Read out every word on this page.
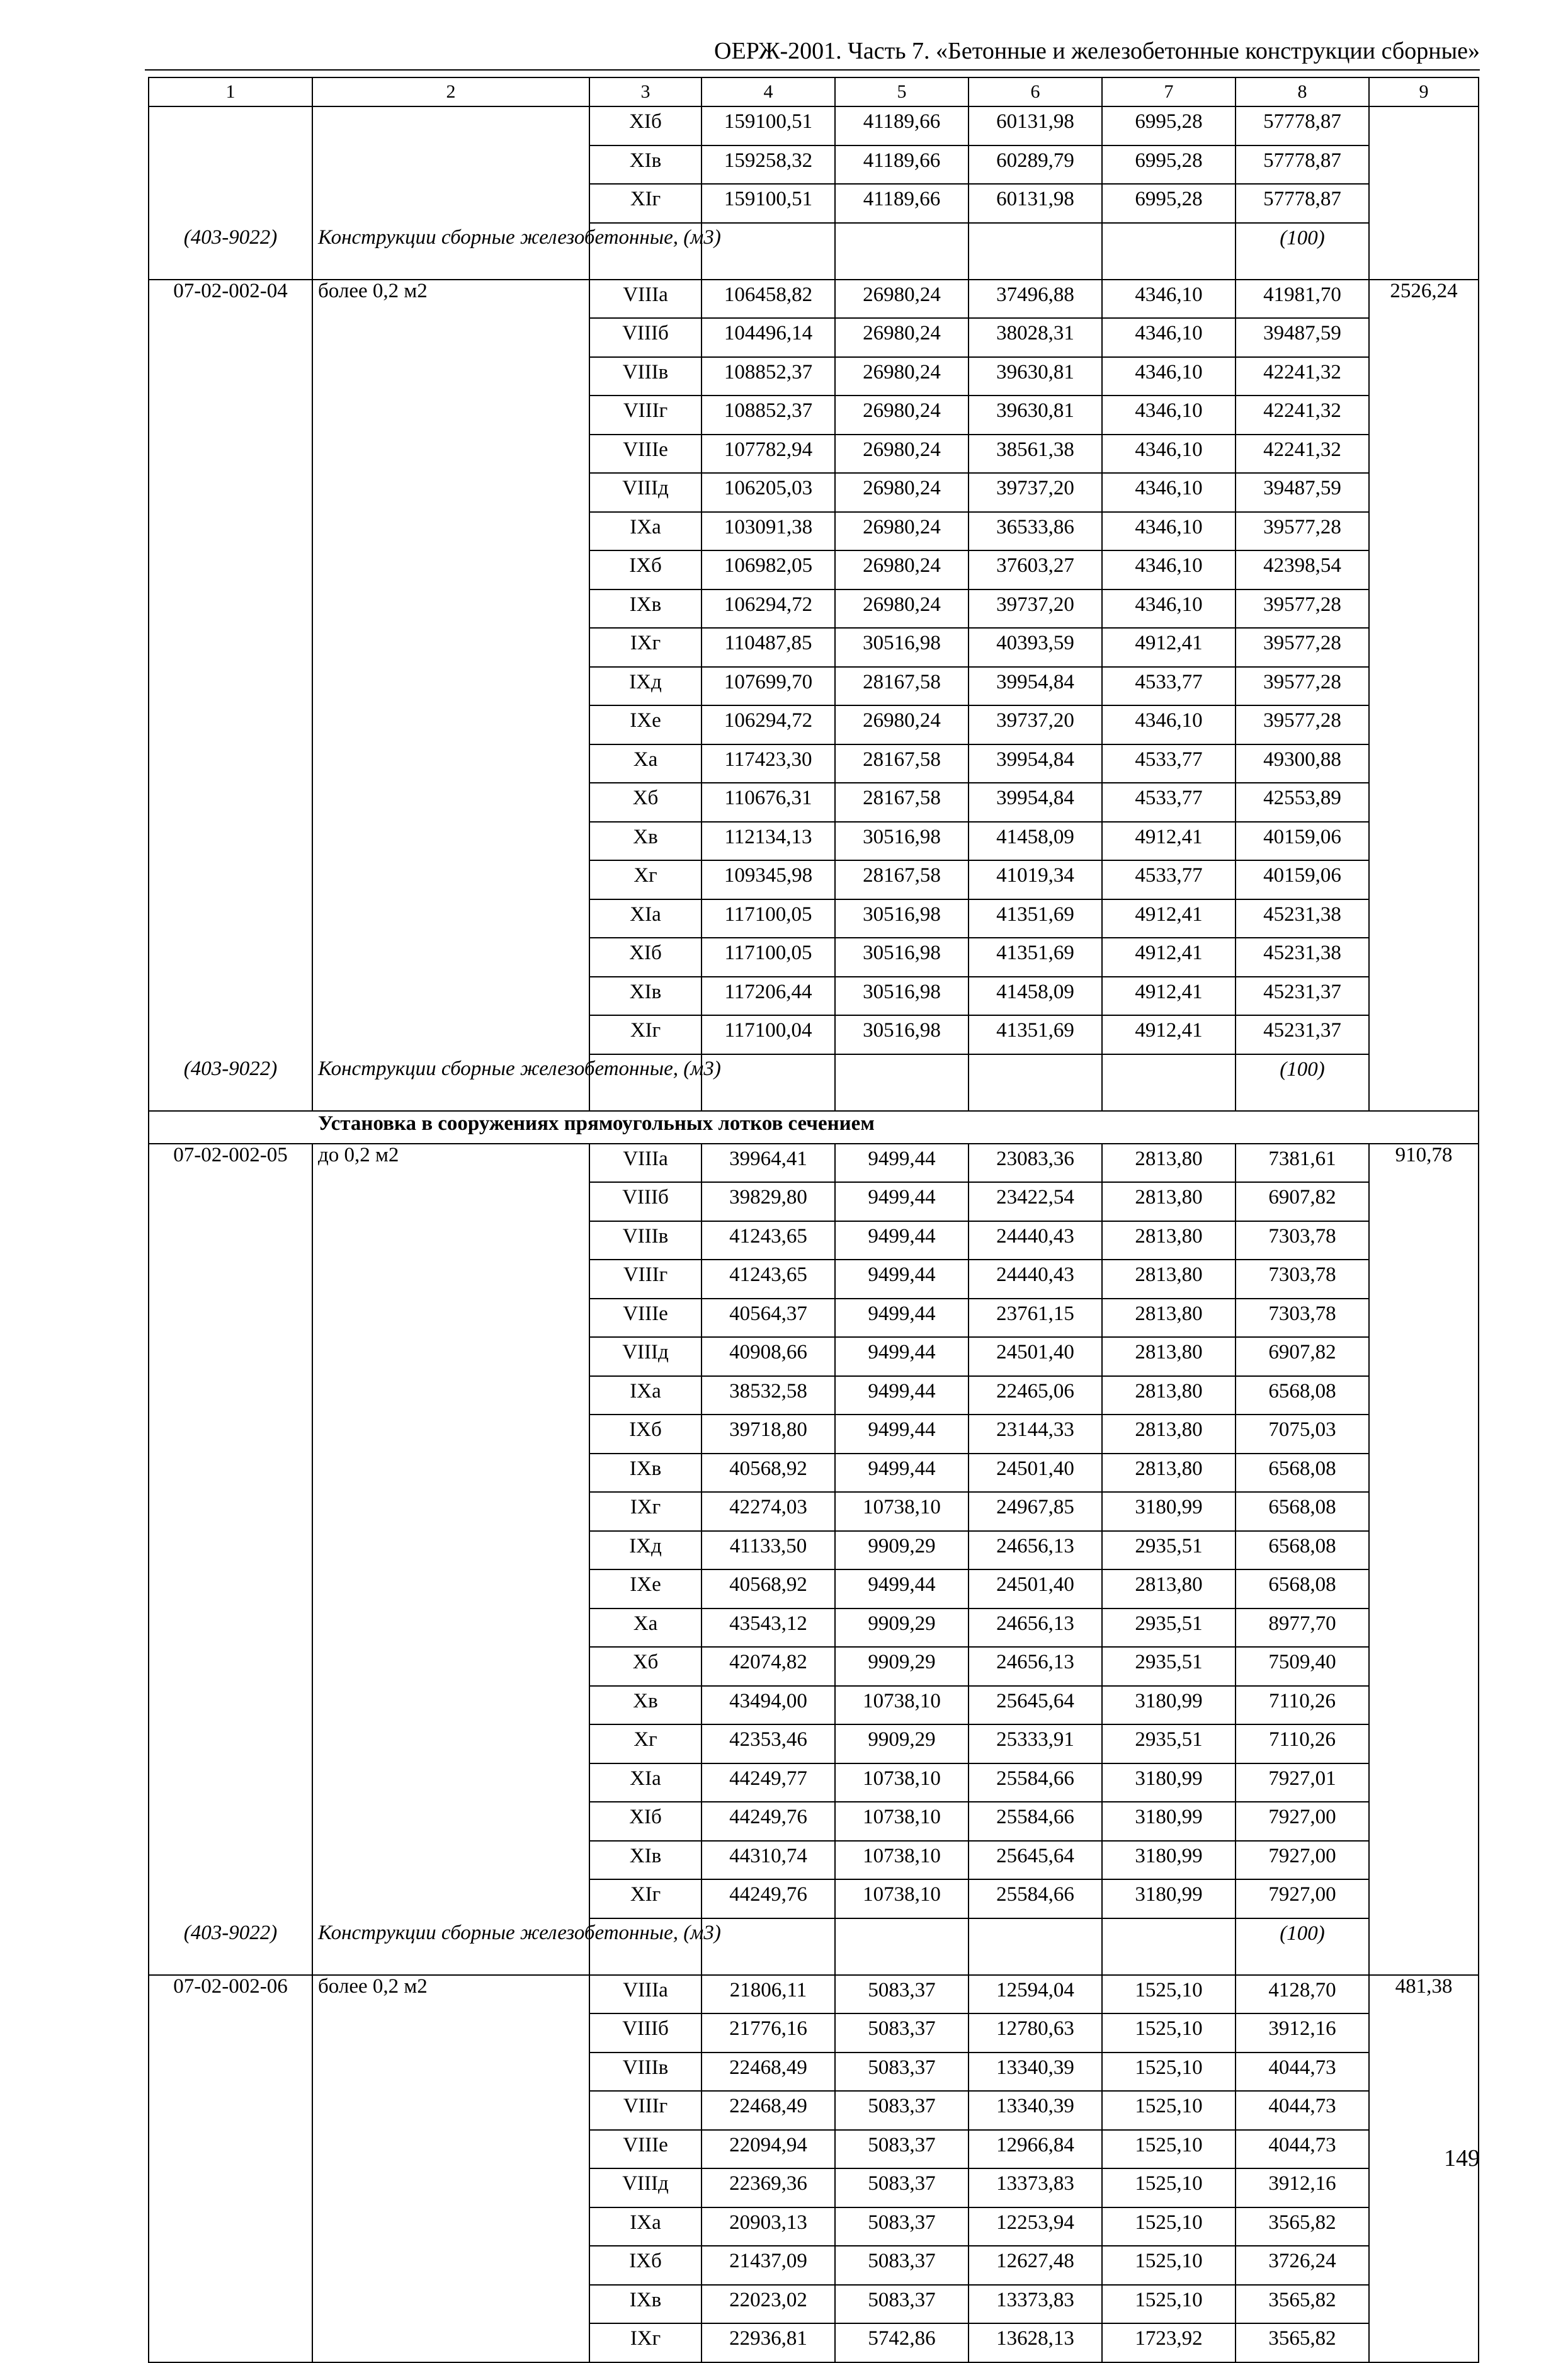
ОЕРЖ-2001. Часть 7. «Бетонные и железобетонные конструкции сборные»
1	2	3	4	5	6	7	8	9
		XIб	159100,51	41189,66	60131,98	6995,28	57778,87	
		XIв	159258,32	41189,66	60289,79	6995,28	57778,87	
		XIг	159100,51	41189,66	60131,98	6995,28	57778,87	
(403-9022)	Конструкции сборные железобетонные, (м3)						(100)	
07-02-002-04	более 0,2 м2	VIIIа	106458,82	26980,24	37496,88	4346,10	41981,70	2526,24
		VIIIб	104496,14	26980,24	38028,31	4346,10	39487,59	
		VIIIв	108852,37	26980,24	39630,81	4346,10	42241,32	
		VIIIг	108852,37	26980,24	39630,81	4346,10	42241,32	
		VIIIе	107782,94	26980,24	38561,38	4346,10	42241,32	
		VIIIд	106205,03	26980,24	39737,20	4346,10	39487,59	
		IXа	103091,38	26980,24	36533,86	4346,10	39577,28	
		IXб	106982,05	26980,24	37603,27	4346,10	42398,54	
		IXв	106294,72	26980,24	39737,20	4346,10	39577,28	
		IXг	110487,85	30516,98	40393,59	4912,41	39577,28	
		IXд	107699,70	28167,58	39954,84	4533,77	39577,28	
		IXе	106294,72	26980,24	39737,20	4346,10	39577,28	
		Xа	117423,30	28167,58	39954,84	4533,77	49300,88	
		Xб	110676,31	28167,58	39954,84	4533,77	42553,89	
		Xв	112134,13	30516,98	41458,09	4912,41	40159,06	
		Xг	109345,98	28167,58	41019,34	4533,77	40159,06	
		XIа	117100,05	30516,98	41351,69	4912,41	45231,38	
		XIб	117100,05	30516,98	41351,69	4912,41	45231,38	
		XIв	117206,44	30516,98	41458,09	4912,41	45231,37	
		XIг	117100,04	30516,98	41351,69	4912,41	45231,37	
(403-9022)	Конструкции сборные железобетонные, (м3)						(100)	
Установка в сооружениях прямоугольных лотков сечением								
07-02-002-05	до 0,2 м2	VIIIа	39964,41	9499,44	23083,36	2813,80	7381,61	910,78
		VIIIб	39829,80	9499,44	23422,54	2813,80	6907,82	
		VIIIв	41243,65	9499,44	24440,43	2813,80	7303,78	
		VIIIг	41243,65	9499,44	24440,43	2813,80	7303,78	
		VIIIе	40564,37	9499,44	23761,15	2813,80	7303,78	
		VIIIд	40908,66	9499,44	24501,40	2813,80	6907,82	
		IXа	38532,58	9499,44	22465,06	2813,80	6568,08	
		IXб	39718,80	9499,44	23144,33	2813,80	7075,03	
		IXв	40568,92	9499,44	24501,40	2813,80	6568,08	
		IXг	42274,03	10738,10	24967,85	3180,99	6568,08	
		IXд	41133,50	9909,29	24656,13	2935,51	6568,08	
		IXе	40568,92	9499,44	24501,40	2813,80	6568,08	
		Xа	43543,12	9909,29	24656,13	2935,51	8977,70	
		Xб	42074,82	9909,29	24656,13	2935,51	7509,40	
		Xв	43494,00	10738,10	25645,64	3180,99	7110,26	
		Xг	42353,46	9909,29	25333,91	2935,51	7110,26	
		XIа	44249,77	10738,10	25584,66	3180,99	7927,01	
		XIб	44249,76	10738,10	25584,66	3180,99	7927,00	
		XIв	44310,74	10738,10	25645,64	3180,99	7927,00	
		XIг	44249,76	10738,10	25584,66	3180,99	7927,00	
(403-9022)	Конструкции сборные железобетонные, (м3)						(100)	
07-02-002-06	более 0,2 м2	VIIIа	21806,11	5083,37	12594,04	1525,10	4128,70	481,38
		VIIIб	21776,16	5083,37	12780,63	1525,10	3912,16	
		VIIIв	22468,49	5083,37	13340,39	1525,10	4044,73	
		VIIIг	22468,49	5083,37	13340,39	1525,10	4044,73	
		VIIIе	22094,94	5083,37	12966,84	1525,10	4044,73	
		VIIIд	22369,36	5083,37	13373,83	1525,10	3912,16	
		IXа	20903,13	5083,37	12253,94	1525,10	3565,82	
		IXб	21437,09	5083,37	12627,48	1525,10	3726,24	
		IXв	22023,02	5083,37	13373,83	1525,10	3565,82	
		IXг	22936,81	5742,86	13628,13	1723,92	3565,82	
149
